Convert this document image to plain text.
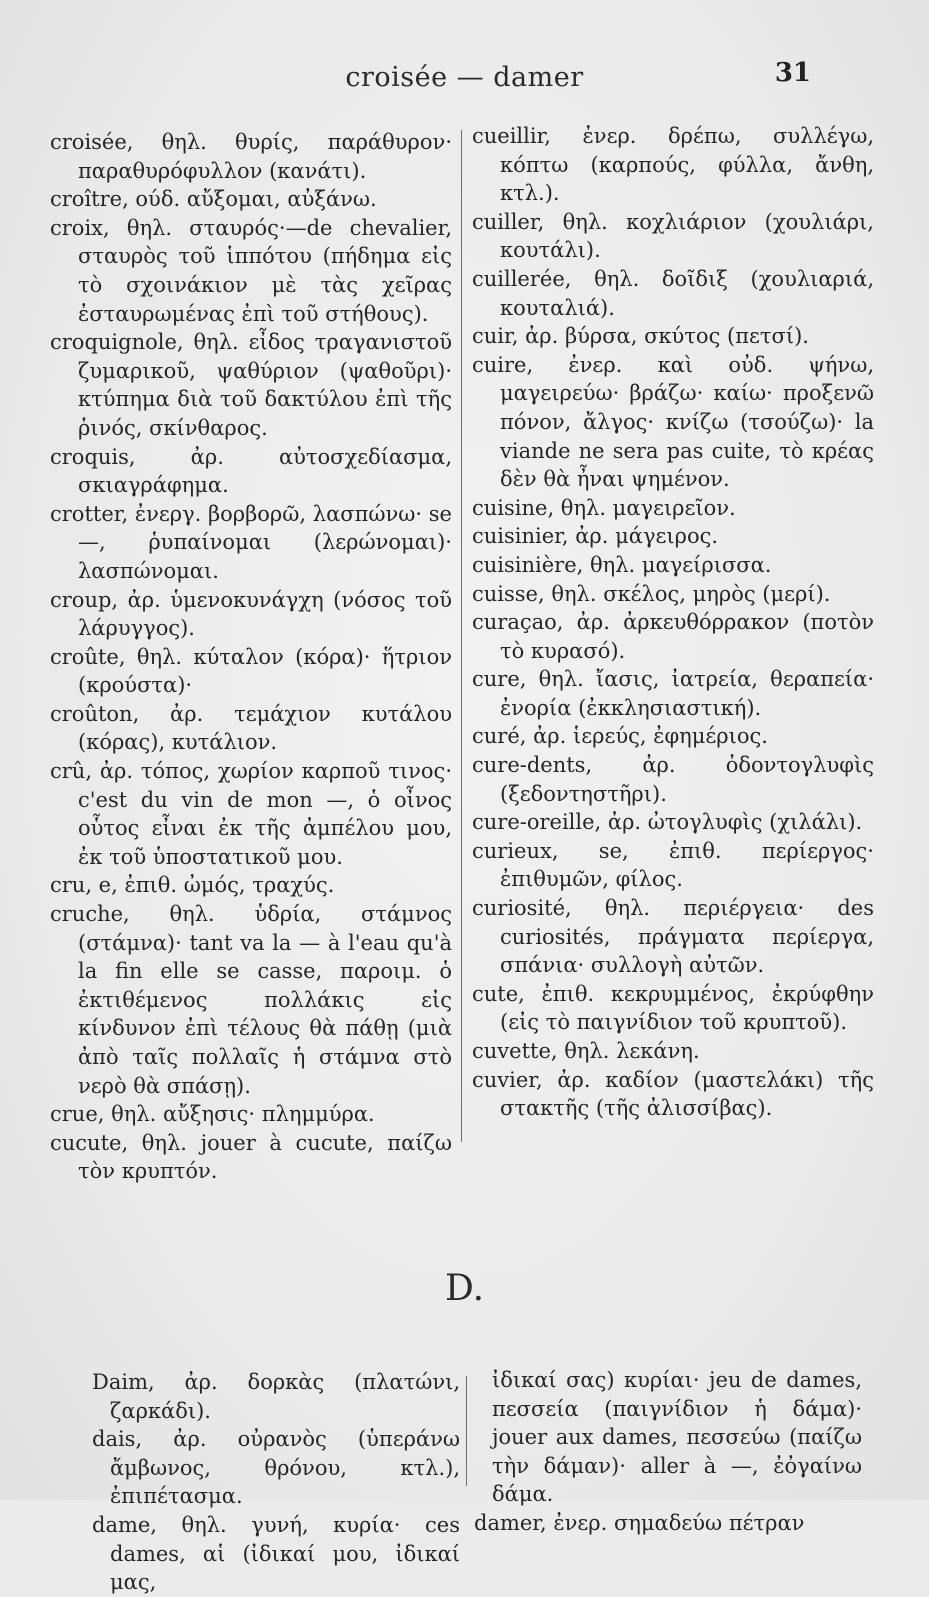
croisée — damer	31

croisée, θηλ. θυρίς, παράθυρον· παραθυρόφυλλον (κανάτι).

croître, ούδ. αὔξομαι, αὐξάνω.

croix, θηλ. σταυρός·—de chevalier, σταυρὸς τοῦ ἱππότου (πήδημα εἰς τὸ σχοινάκιον μὲ τὰς χεῖρας ἐσταυρωμένας ἐπὶ τοῦ στήθους).

croquignole, θηλ. εἶδος τραγανιστοῦ ζυμαρικοῦ, ψαθύριον (ψαθοῦρι)· κτύπημα διὰ τοῦ δακτύλου ἐπὶ τῆς ῥινός, σκίνθαρος.

croquis, ἀρ. αὐτοσχεδίασμα, σκιαγράφημα.

crotter, ἐνεργ. βορβορῶ, λασπώνω· se —, ῥυπαίνομαι (λερώνομαι)· λασπώνομαι.

croup, ἀρ. ὑμενοκυνάγχη (νόσος τοῦ λάρυγγος).

croûte, θηλ. κύταλον (κόρα)· ἥτριον (κρούστα)·

croûton, ἀρ. τεμάχιον κυτάλου (κόρας), κυτάλιον.

crû, ἀρ. τόπος, χωρίον καρποῦ τινος· c'est du vin de mon —, ὁ οἶνος οὗτος εἶναι ἐκ τῆς ἀμπέλου μου, ἐκ τοῦ ὑποστατικοῦ μου.

cru, e, ἐπιθ. ὠμός, τραχύς.

cruche, θηλ. ὑδρία, στάμνος (στάμνα)· tant va la — à l'eau qu'à la fin elle se casse, παροιμ. ὁ ἐκτιθέμενος πολλάκις εἰς κίνδυνον ἐπὶ τέλους θὰ πάθῃ (μιὰ ἀπὸ ταῖς πολλαῖς ἡ στάμνα στὸ νερὸ θὰ σπάσῃ).

crue, θηλ. αὔξησις· πλημμύρα.

cucute, θηλ. jouer à cucute, παίζω τὸν κρυπτόν.

cueillir, ἐνερ. δρέπω, συλλέγω, κόπτω (καρπούς, φύλλα, ἄνθη, κτλ.).

cuiller, θηλ. κοχλιάριον (χουλιάρι, κουτάλι).

cuillerée, θηλ. δοῖδιξ (χουλιαριά, κουταλιά).

cuir, ἀρ. βύρσα, σκύτος (πετσί).

cuire, ἐνερ. καὶ οὐδ. ψήνω, μαγειρεύω· βράζω· καίω· προξενῶ πόνον, ἄλγος· κνίζω (τσούζω)· la viande ne sera pas cuite, τὸ κρέας δὲν θὰ ἦναι ψημένον.

cuisine, θηλ. μαγειρεῖον.

cuisinier, ἀρ. μάγειρος.

cuisinière, θηλ. μαγείρισσα.

cuisse, θηλ. σκέλος, μηρὸς (μερί).

curaçao, ἀρ. ἀρκευθόρρακον (ποτὸν τὸ κυρασό).

cure, θηλ. ἴασις, ἰατρεία, θεραπεία· ἐνορία (ἐκκλησιαστική).

curé, ἀρ. ἱερεύς, ἐφημέριος.

cure-dents, ἀρ. ὀδοντογλυφὶς (ξεδοντηστῆρι).

cure-oreille, ἀρ. ὠτογλυφὶς (χιλάλι).

curieux, se, ἐπιθ. περίεργος· ἐπιθυμῶν, φίλος.

curiosité, θηλ. περιέργεια· des curiosités, πράγματα περίεργα, σπάνια· συλλογὴ αὐτῶν.

cute, ἐπιθ. κεκρυμμένος, ἐκρύφθην (εἰς τὸ παιγνίδιον τοῦ κρυπτοῦ).

cuvette, θηλ. λεκάνη.

cuvier, ἀρ. καδίον (μαστελάκι) τῆς στακτῆς (τῆς ἀλισσίβας).

D.

Daim, ἀρ. δορκὰς (πλατώνι, ζαρκάδι).

dais, ἀρ. οὐρανὸς (ὑπεράνω ἄμβωνος, θρόνου, κτλ.), ἐπιπέτασμα.

dame, θηλ. γυνή, κυρία· ces dames, αἱ (ἰδικαί μου, ἰδικαί μας,

ἰδικαί σας) κυρίαι· jeu de dames, πεσσεία (παιγνίδιον ἡ δάμα)· jouer aux dames, πεσσεύω (παίζω τὴν δάμαν)· aller à —, ἐὀγαίνω δάμα.

damer, ἐνερ. σημαδεύω πέτραν
